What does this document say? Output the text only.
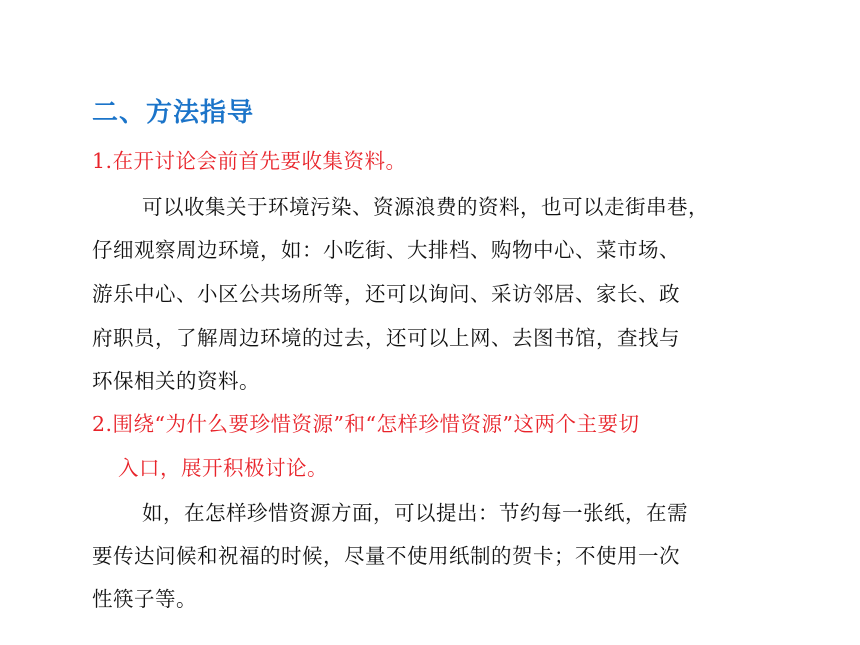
二、方法指导
1.在开讨论会前首先要收集资料。
可以收集关于环境污染、资源浪费的资料，也可以走街串巷，
仔细观察周边环境，如：小吃街、大排档、购物中心、菜市场、
游乐中心、小区公共场所等，还可以询问、采访邻居、家长、政
府职员，了解周边环境的过去，还可以上网、去图书馆，查找与
环保相关的资料。
2.围绕“为什么要珍惜资源”和“怎样珍惜资源”这两个主要切
入口，展开积极讨论。
如，在怎样珍惜资源方面，可以提出：节约每一张纸，在需
要传达问候和祝福的时候，尽量不使用纸制的贺卡；不使用一次
性筷子等。
